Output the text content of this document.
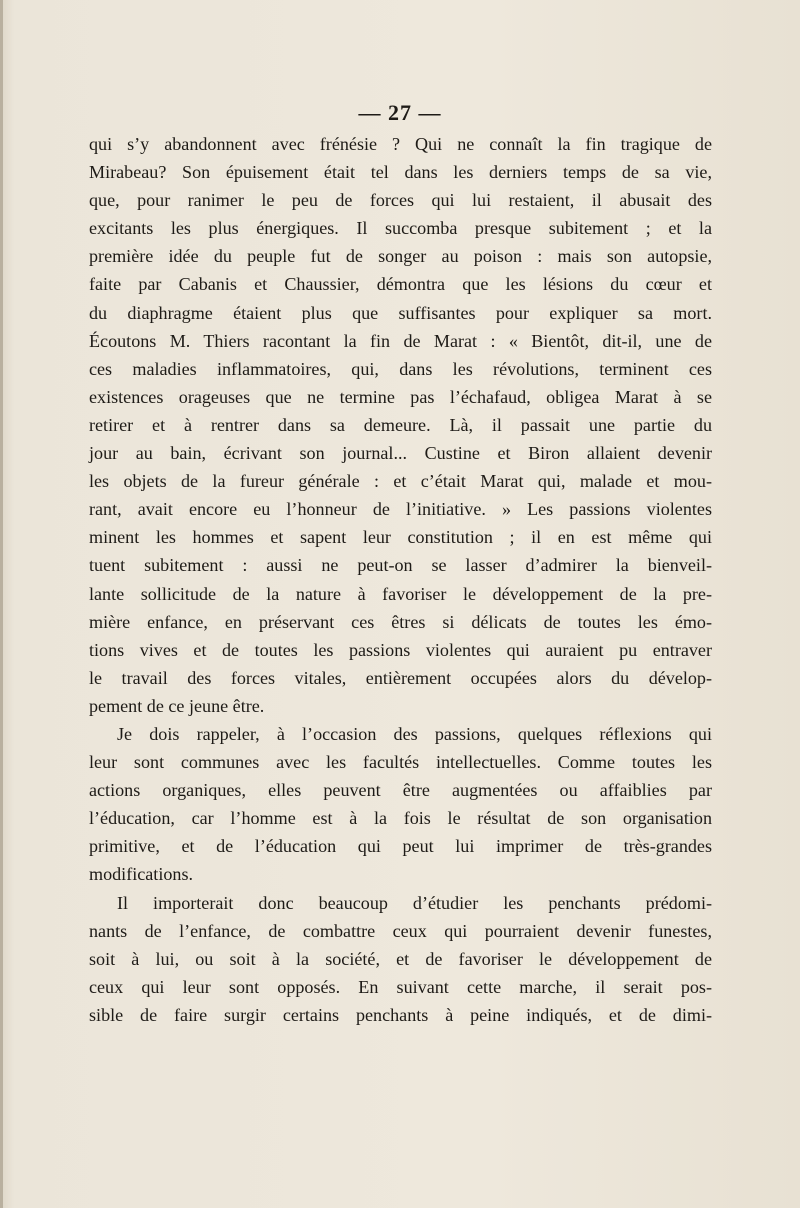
— 27 —
qui s’y abandonnent avec frénésie ? Qui ne connaît la fin tragique de
Mirabeau? Son épuisement était tel dans les derniers temps de sa vie,
que, pour ranimer le peu de forces qui lui restaient, il abusait des
excitants les plus énergiques. Il succomba presque subitement ; et la
première idée du peuple fut de songer au poison : mais son autopsie,
faite par Cabanis et Chaussier, démontra que les lésions du cœur et
du diaphragme étaient plus que suffisantes pour expliquer sa mort.
Écoutons M. Thiers racontant la fin de Marat : « Bientôt, dit-il, une de
ces maladies inflammatoires, qui, dans les révolutions, terminent ces
existences orageuses que ne termine pas l’échafaud, obligea Marat à se
retirer et à rentrer dans sa demeure. Là, il passait une partie du
jour au bain, écrivant son journal... Custine et Biron allaient devenir
les objets de la fureur générale : et c’était Marat qui, malade et mou-
rant, avait encore eu l’honneur de l’initiative. » Les passions violentes
minent les hommes et sapent leur constitution ; il en est même qui
tuent subitement : aussi ne peut-on se lasser d’admirer la bienveil-
lante sollicitude de la nature à favoriser le développement de la pre-
mière enfance, en préservant ces êtres si délicats de toutes les émo-
tions vives et de toutes les passions violentes qui auraient pu entraver
le travail des forces vitales, entièrement occupées alors du dévelop-
pement de ce jeune être.
Je dois rappeler, à l’occasion des passions, quelques réflexions qui
leur sont communes avec les facultés intellectuelles. Comme toutes les
actions organiques, elles peuvent être augmentées ou affaiblies par
l’éducation, car l’homme est à la fois le résultat de son organisation
primitive, et de l’éducation qui peut lui imprimer de très-grandes
modifications.
Il importerait donc beaucoup d’étudier les penchants prédomi-
nants de l’enfance, de combattre ceux qui pourraient devenir funestes,
soit à lui, ou soit à la société, et de favoriser le développement de
ceux qui leur sont opposés. En suivant cette marche, il serait pos-
sible de faire surgir certains penchants à peine indiqués, et de dimi-
